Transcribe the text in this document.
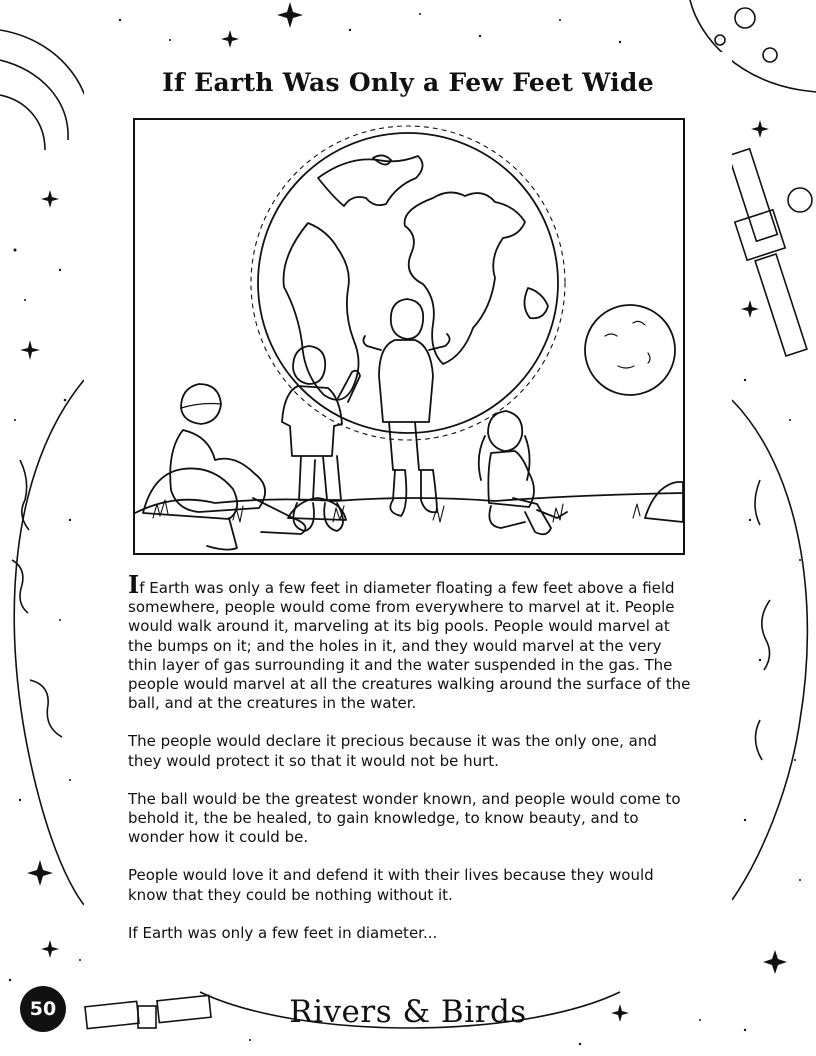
If Earth Was Only a Few Feet Wide

If Earth was only a few feet in diameter floating a few feet above a field somewhere, people would come from everywhere to marvel at it. People would walk around it, marveling at its big pools. People would marvel at the bumps on it; and the holes in it, and they would marvel at the very thin layer of gas surrounding it and the water suspended in the gas. The people would marvel at all the creatures walking around the surface of the ball, and at the creatures in the water.

The people would declare it precious because it was the only one, and they would protect it so that it would not be hurt.

The ball would be the greatest wonder known, and people would come to behold it, the be healed, to gain knowledge, to know beauty, and to wonder how it could be.

People would love it and defend it with their lives because they would know that they could be nothing without it.

If Earth was only a few feet in diameter...

50	Rivers & Birds
